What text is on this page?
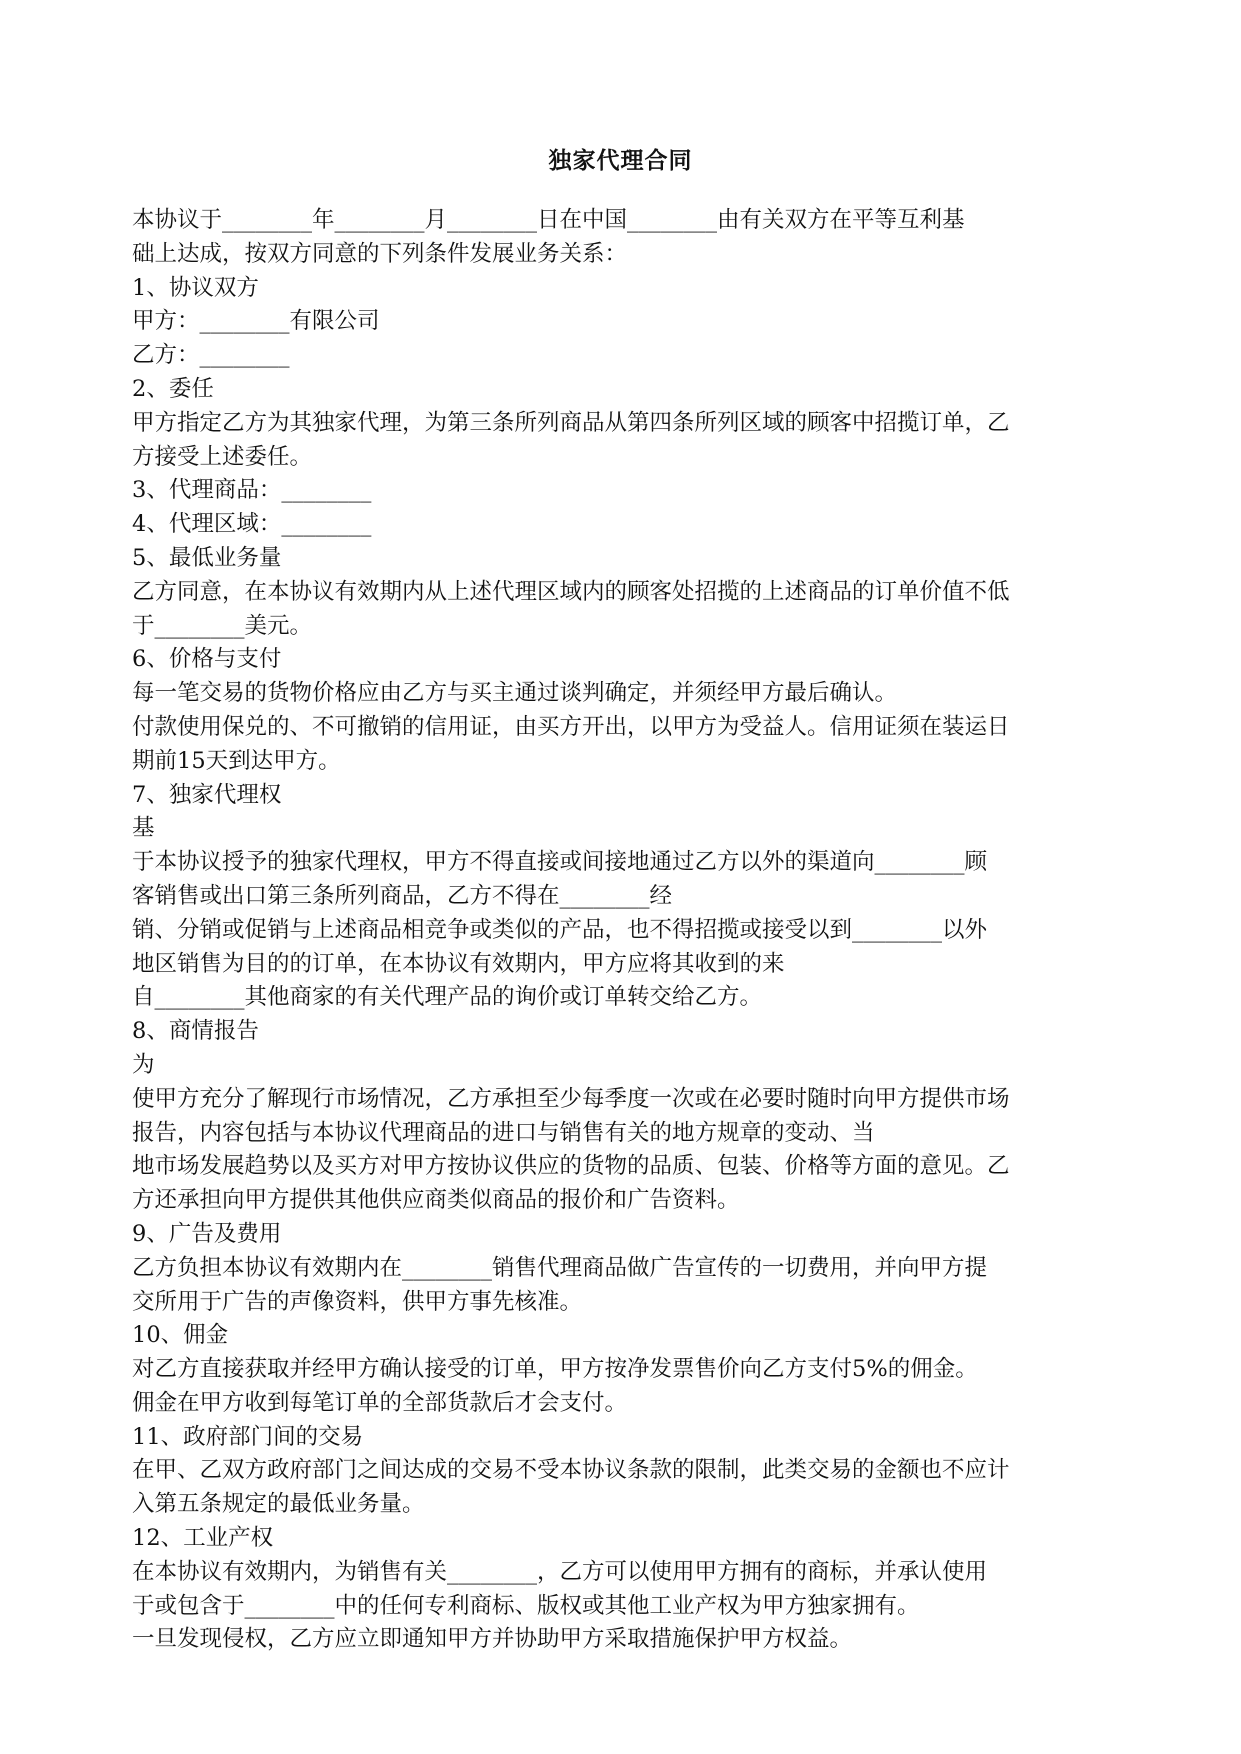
独家代理合同
本协议于________年________月________日在中国________由有关双方在平等互利基
础上达成，按双方同意的下列条件发展业务关系：
1、协议双方
甲方：________有限公司
乙方：________
2、委任
甲方指定乙方为其独家代理，为第三条所列商品从第四条所列区域的顾客中招揽订单，乙
方接受上述委任。
3、代理商品：________
4、代理区域：________
5、最低业务量
乙方同意，在本协议有效期内从上述代理区域内的顾客处招揽的上述商品的订单价值不低
于________美元。
6、价格与支付
每一笔交易的货物价格应由乙方与买主通过谈判确定，并须经甲方最后确认。
付款使用保兑的、不可撤销的信用证，由买方开出，以甲方为受益人。信用证须在装运日
期前15天到达甲方。
7、独家代理权
基
于本协议授予的独家代理权，甲方不得直接或间接地通过乙方以外的渠道向________顾
客销售或出口第三条所列商品，乙方不得在________经
销、分销或促销与上述商品相竞争或类似的产品，也不得招揽或接受以到________以外
地区销售为目的的订单，在本协议有效期内，甲方应将其收到的来
自________其他商家的有关代理产品的询价或订单转交给乙方。
8、商情报告
为
使甲方充分了解现行市场情况，乙方承担至少每季度一次或在必要时随时向甲方提供市场
报告，内容包括与本协议代理商品的进口与销售有关的地方规章的变动、当
地市场发展趋势以及买方对甲方按协议供应的货物的品质、包装、价格等方面的意见。乙
方还承担向甲方提供其他供应商类似商品的报价和广告资料。
9、广告及费用
乙方负担本协议有效期内在________销售代理商品做广告宣传的一切费用，并向甲方提
交所用于广告的声像资料，供甲方事先核准。
10、佣金
对乙方直接获取并经甲方确认接受的订单，甲方按净发票售价向乙方支付5%的佣金。
佣金在甲方收到每笔订单的全部货款后才会支付。
11、政府部门间的交易
在甲、乙双方政府部门之间达成的交易不受本协议条款的限制，此类交易的金额也不应计
入第五条规定的最低业务量。
12、工业产权
在本协议有效期内，为销售有关________，乙方可以使用甲方拥有的商标，并承认使用
于或包含于________中的任何专利商标、版权或其他工业产权为甲方独家拥有。
一旦发现侵权，乙方应立即通知甲方并协助甲方采取措施保护甲方权益。
